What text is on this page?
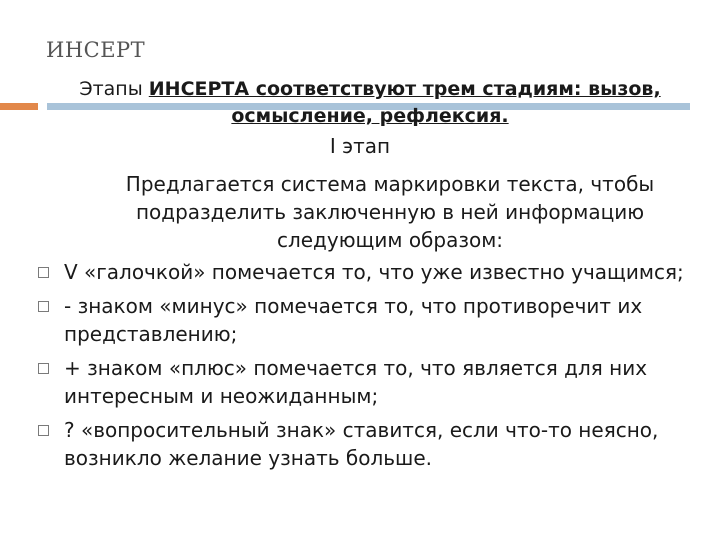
ИНСЕРТ
Этапы ИНСЕРТА соответствуют трем стадиям: вызов,
осмысление, рефлексия.
I этап
Предлагается система маркировки текста, чтобы подразделить заключенную в ней информацию следующим образом:
V «галочкой» помечается то, что уже известно учащимся;
- знаком «минус» помечается то, что противоречит их представлению;
+ знаком «плюс» помечается то, что является для них интересным и неожиданным;
? «вопросительный знак» ставится, если что-то неясно, возникло желание узнать больше.
